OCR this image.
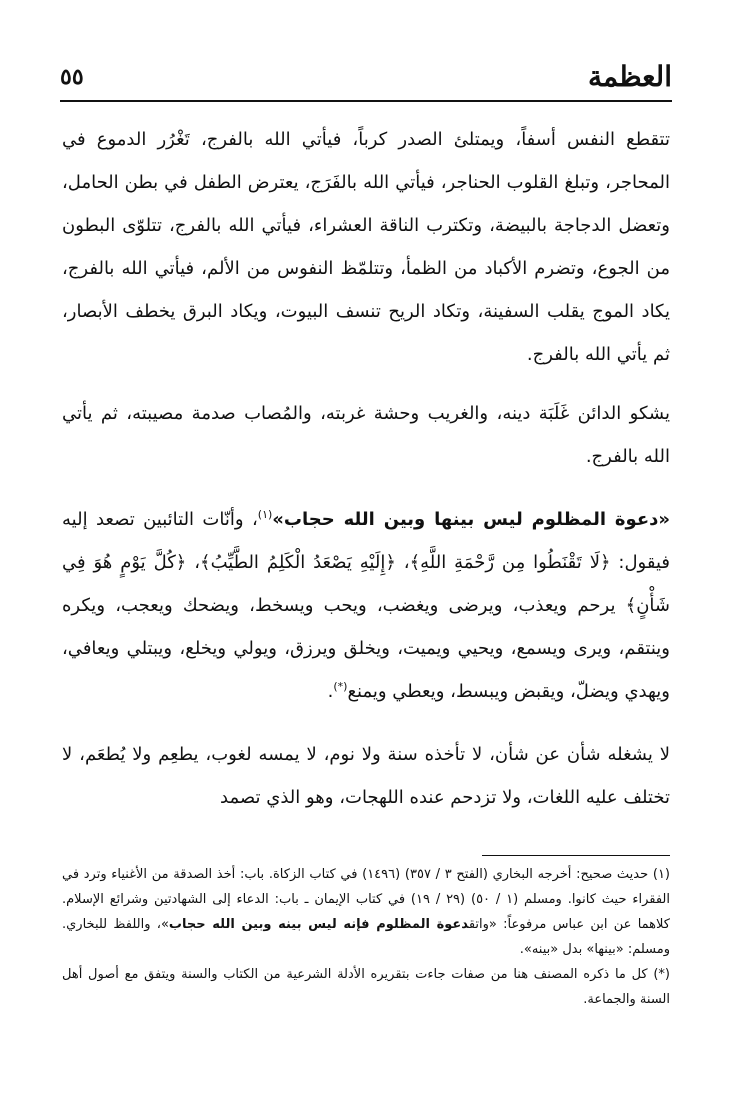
العظمة
٥٥

تتقطع النفس أسفاً، ويمتلئ الصدر كرباً، فيأتي الله بالفرج، تَغْرُر الدموع في المحاجر، وتبلغ القلوب الحناجر، فيأتي الله بالفَرَج، يعترض الطفل في بطن الحامل، وتعضل الدجاجة بالبيضة، وتكترب الناقة العشراء، فيأتي الله بالفرج، تتلوّى البطون من الجوع، وتضرم الأكباد من الظمأ، وتتلمّظ النفوس من الألم، فيأتي الله بالفرج، يكاد الموج يقلب السفينة، وتكاد الريح تنسف البيوت، ويكاد البرق يخطف الأبصار، ثم يأتي الله بالفرج.

يشكو الدائن غَلَبَة دينه، والغريب وحشة غربته، والمُصاب صدمة مصيبته، ثم يأتي الله بالفرج.

«دعوة المظلوم ليس بينها وبين الله حجاب»$^{(١)}$، وأنّات التائبين تصعد إليه فيقول: ﴿لَا تَقْنَطُوا مِن رَّحْمَةِ اللَّهِ﴾، ﴿إِلَيْهِ يَصْعَدُ الْكَلِمُ الطَّيِّبُ﴾، ﴿كُلَّ يَوْمٍ هُوَ فِي شَأْنٍ﴾ يرحم ويعذب، ويرضى ويغضب، ويحب ويسخط، ويضحك ويعجب، ويكره وينتقم، ويرى ويسمع، ويحيي ويميت، ويخلق ويرزق، ويولي ويخلع، ويبتلي ويعافي، ويهدي ويضلّ، ويقبض ويبسط، ويعطي ويمنع(*).

لا يشغله شأن عن شأن، لا تأخذه سنة ولا نوم، لا يمسه لغوب، يطعِم ولا يُطعَم، لا تختلف عليه اللغات، ولا تزدحم عنده اللهجات، وهو الذي تصمد

(١) حديث صحيح: أخرجه البخاري (الفتح ٣ / ٣٥٧) (١٤٩٦) في كتاب الزكاة. باب: أخذ الصدقة من الأغنياء وترد في الفقراء حيث كانوا. ومسلم (١ / ٥٠) (٢٩ / ١٩) في كتاب الإيمان ـ باب: الدعاء إلى الشهادتين وشرائع الإسلام. كلاهما عن ابن عباس مرفوعاً: «واتقدعوة المظلوم فإنه ليس بينه وبين الله حجاب»، واللفظ للبخاري. ومسلم: «بينها» بدل «بينه».

(*) كل ما ذكره المصنف هنا من صفات جاءت بتقريره الأدلة الشرعية من الكتاب والسنة ويتفق مع أصول أهل السنة والجماعة.
